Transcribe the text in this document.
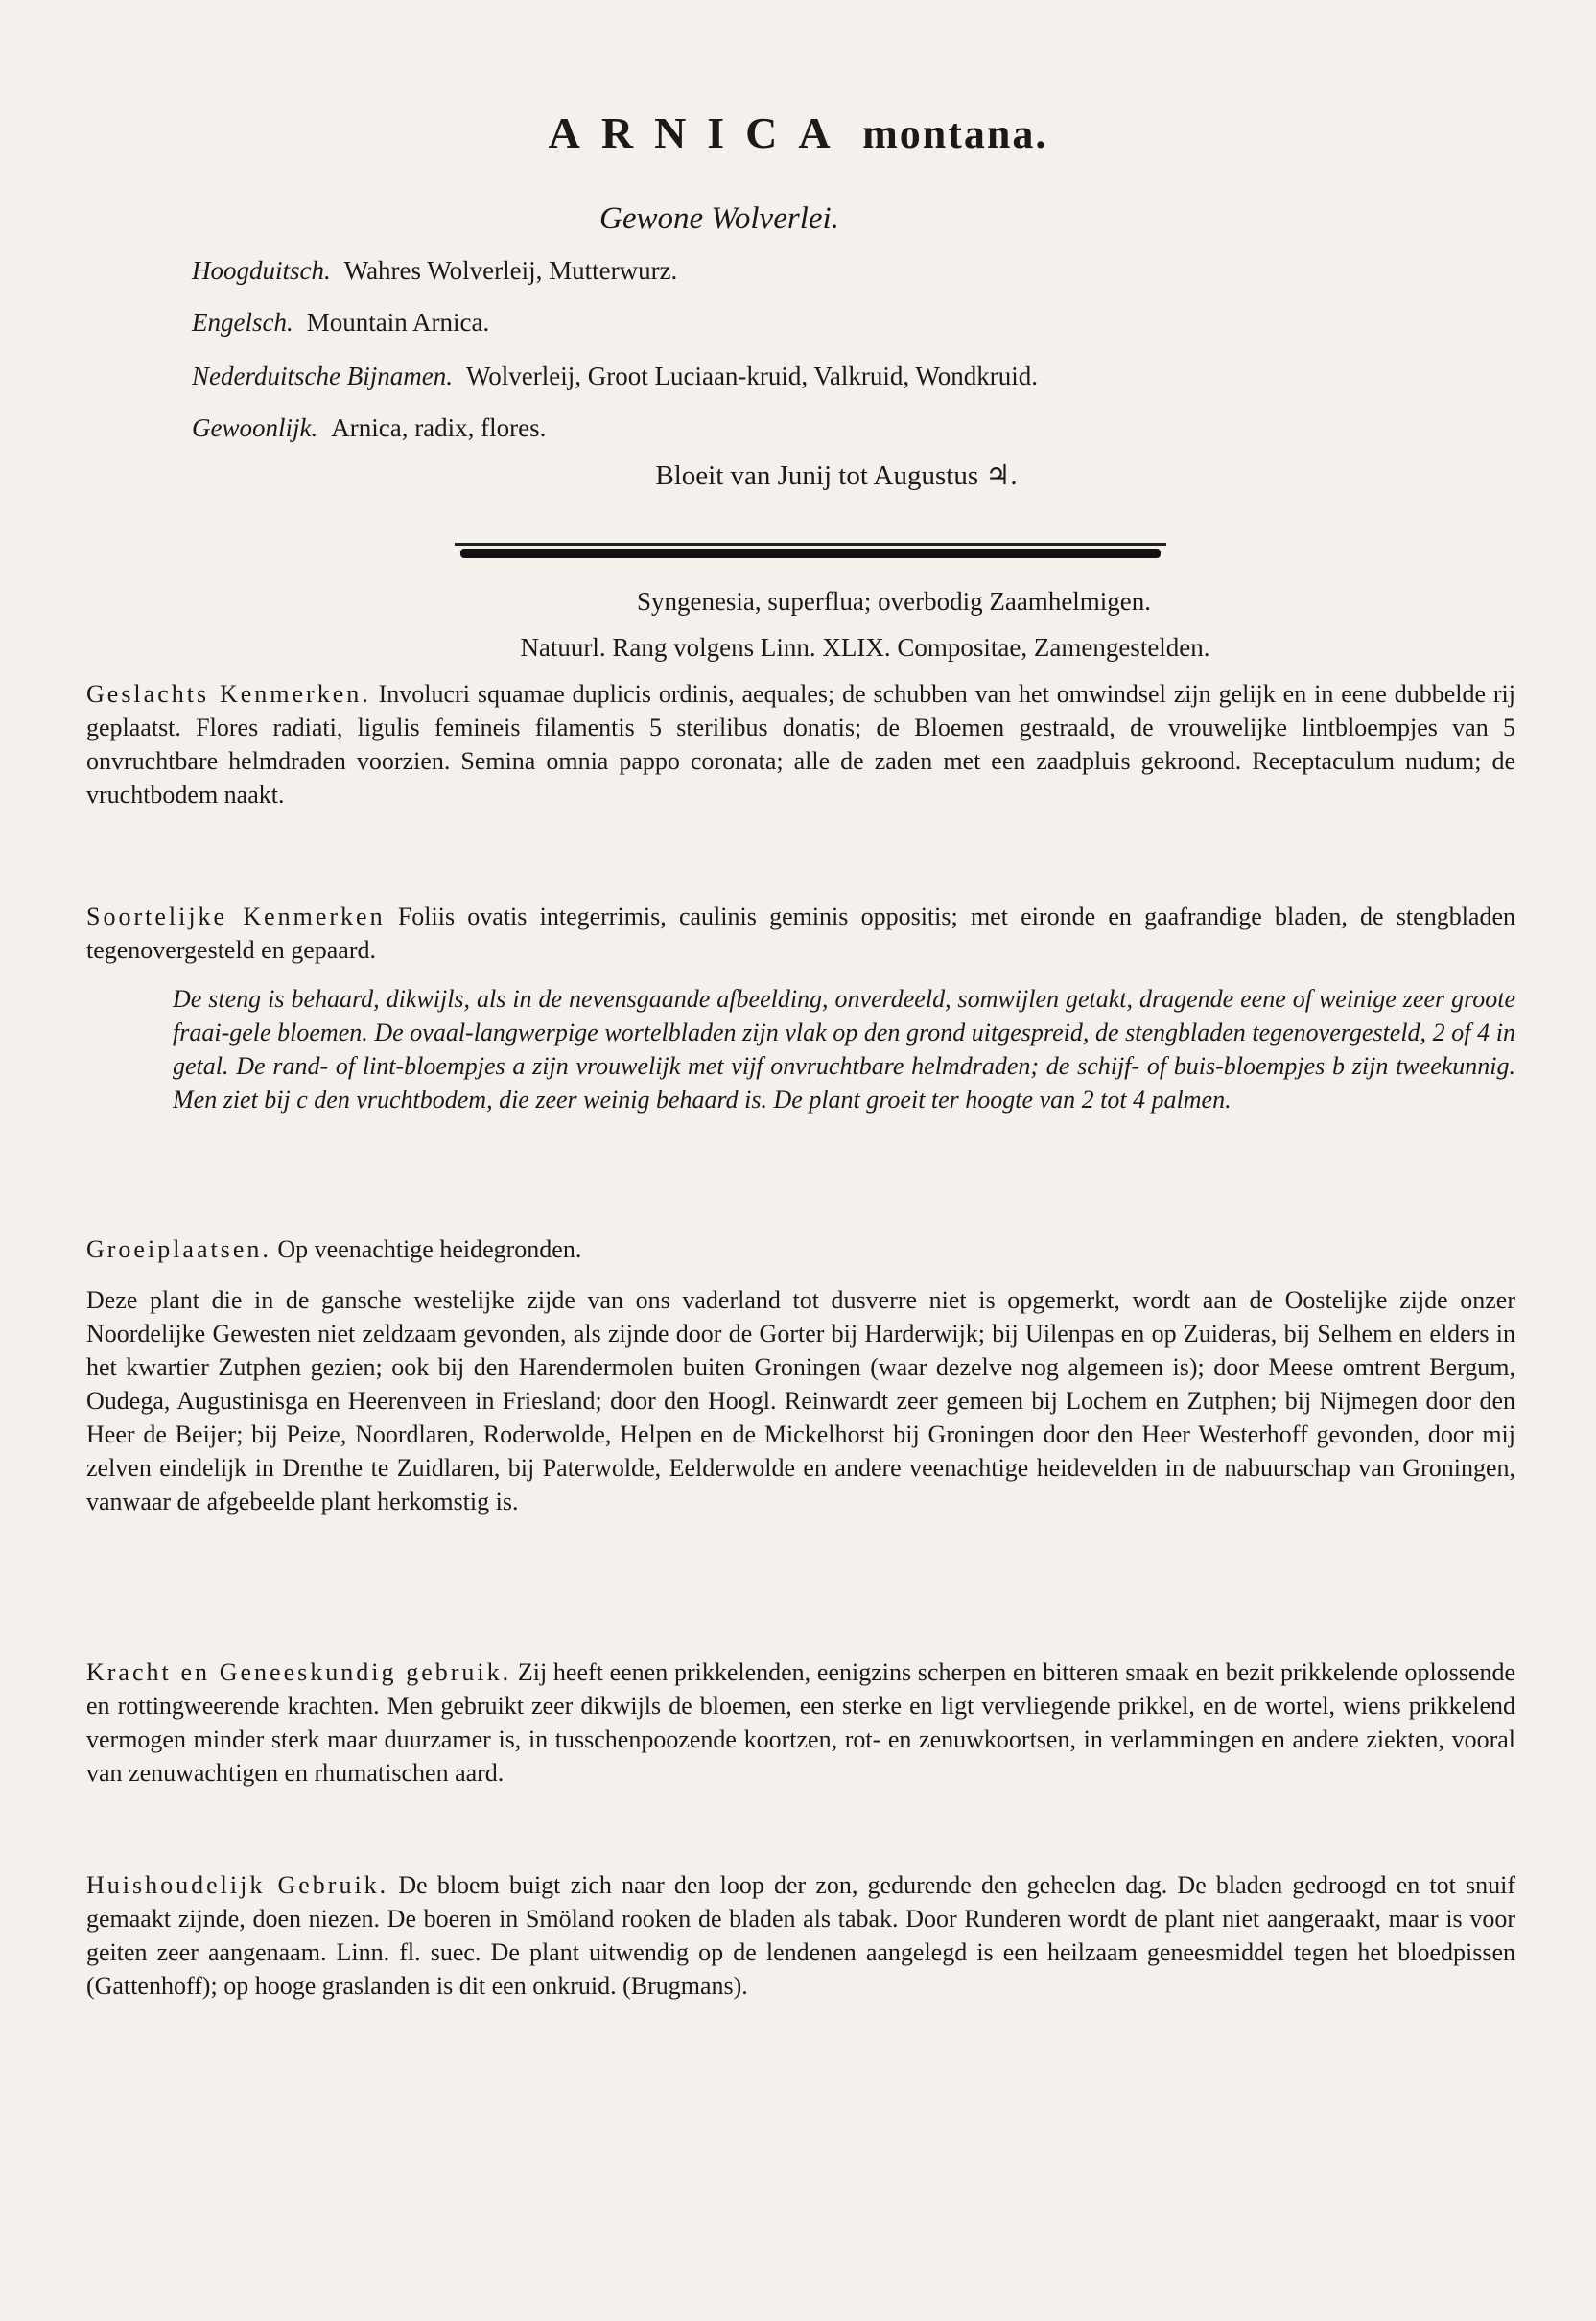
ARNICA montana.
Gewone Wolverlei.
Hoogduitsch. Wahres Wolverleij, Mutterwurz.
Engelsch. Mountain Arnica.
Nederduitsche Bijnamen. Wolverleij, Groot Luciaan-kruid, Valkruid, Wondkruid.
Gewoonlijk. Arnica, radix, flores.
Bloeit van Junij tot Augustus ♃.
Syngenesia, superflua; overbodig Zaamhelmigen.
Natuurl. Rang volgens Linn. XLIX. Compositae, Zamengestelden.
Geslachts Kenmerken. Involucri squamae duplicis ordinis, aequales; de schubben van het omwindsel zijn gelijk en in eene dubbelde rij geplaatst. Flores radiati, ligulis femineis filamentis 5 sterilibus donatis; de Bloemen gestraald, de vrouwelijke lintbloempjes van 5 onvruchtbare helmdraden voorzien. Semina omnia pappo coronata; alle de zaden met een zaadpluis gekroond. Receptaculum nudum; de vruchtbodem naakt.
Soortelijke Kenmerken Foliis ovatis integerrimis, caulinis geminis oppositis; met eironde en gaafrandige bladen, de stengbladen tegenovergesteld en gepaard.
De steng is behaard, dikwijls, als in de nevensgaande afbeelding, onverdeeld, somwijlen getakt, dragende eene of weinige zeer groote fraai-gele bloemen. De ovaal-langwerpige wortelbladen zijn vlak op den grond uitgespreid, de stengbladen tegenovergesteld, 2 of 4 in getal. De rand- of lint-bloempjes a zijn vrouwelijk met vijf onvruchtbare helmdraden; de schijf- of buis-bloempjes b zijn tweekunnig. Men ziet bij c den vruchtbodem, die zeer weinig behaard is. De plant groeit ter hoogte van 2 tot 4 palmen.
Groeiplaatsen. Op veenachtige heidegronden.
Deze plant die in de gansche westelijke zijde van ons vaderland tot dusverre niet is opgemerkt, wordt aan de Oostelijke zijde onzer Noordelijke Gewesten niet zeldzaam gevonden, als zijnde door de Gorter bij Harderwijk; bij Uilenpas en op Zuideras, bij Selhem en elders in het kwartier Zutphen gezien; ook bij den Harendermolen buiten Groningen (waar dezelve nog algemeen is); door Meese omtrent Bergum, Oudega, Augustinisga en Heerenveen in Friesland; door den Hoogl. Reinwardt zeer gemeen bij Lochem en Zutphen; bij Nijmegen door den Heer de Beijer; bij Peize, Noordlaren, Roderwolde, Helpen en de Mickelhorst bij Groningen door den Heer Westerhoff gevonden, door mij zelven eindelijk in Drenthe te Zuidlaren, bij Paterwolde, Eelderwolde en andere veenachtige heidevelden in de nabuurschap van Groningen, vanwaar de afgebeelde plant herkomstig is.
Kracht en Geneeskundig gebruik. Zij heeft eenen prikkelenden, eenigzins scherpen en bitteren smaak en bezit prikkelende oplossende en rottingweerende krachten. Men gebruikt zeer dikwijls de bloemen, een sterke en ligt vervliegende prikkel, en de wortel, wiens prikkelend vermogen minder sterk maar duurzamer is, in tusschenpoozende koortzen, rot- en zenuwkoortsen, in verlammingen en andere ziekten, vooral van zenuwachtigen en rhumatischen aard.
Huishoudelijk Gebruik. De bloem buigt zich naar den loop der zon, gedurende den geheelen dag. De bladen gedroogd en tot snuif gemaakt zijnde, doen niezen. De boeren in Smöland rooken de bladen als tabak. Door Runderen wordt de plant niet aangeraakt, maar is voor geiten zeer aangenaam. Linn. fl. suec. De plant uitwendig op de lendenen aangelegd is een heilzaam geneesmiddel tegen het bloedpissen (Gattenhoff); op hooge graslanden is dit een onkruid. (Brugmans).
